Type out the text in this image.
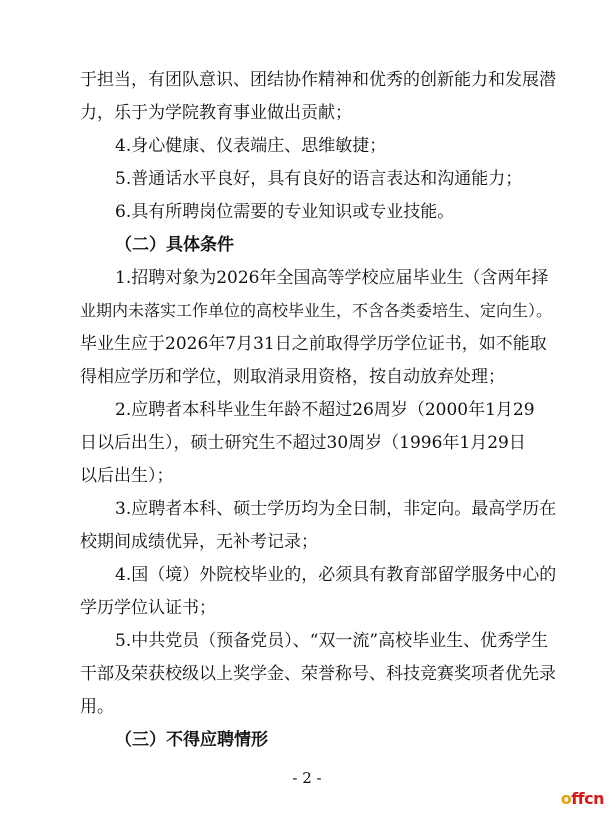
于担当，有团队意识、团结协作精神和优秀的创新能力和发展潜
力，乐于为学院教育事业做出贡献；
4.身心健康、仪表端庄、思维敏捷；
5.普通话水平良好，具有良好的语言表达和沟通能力；
6.具有所聘岗位需要的专业知识或专业技能。
（二）具体条件
1.招聘对象为2026年全国高等学校应届毕业生（含两年择
业期内未落实工作单位的高校毕业生，不含各类委培生、定向生）。
毕业生应于2026年7月31日之前取得学历学位证书，如不能取
得相应学历和学位，则取消录用资格，按自动放弃处理；
2.应聘者本科毕业生年龄不超过26周岁（2000年1月29
日以后出生），硕士研究生不超过30周岁（1996年1月29日
以后出生）；
3.应聘者本科、硕士学历均为全日制，非定向。最高学历在
校期间成绩优异，无补考记录；
4.国（境）外院校毕业的，必须具有教育部留学服务中心的
学历学位认证书；
5.中共党员（预备党员）、“双一流”高校毕业生、优秀学生
干部及荣获校级以上奖学金、荣誉称号、科技竞赛奖项者优先录
用。
（三）不得应聘情形
- 2 -
offcn
